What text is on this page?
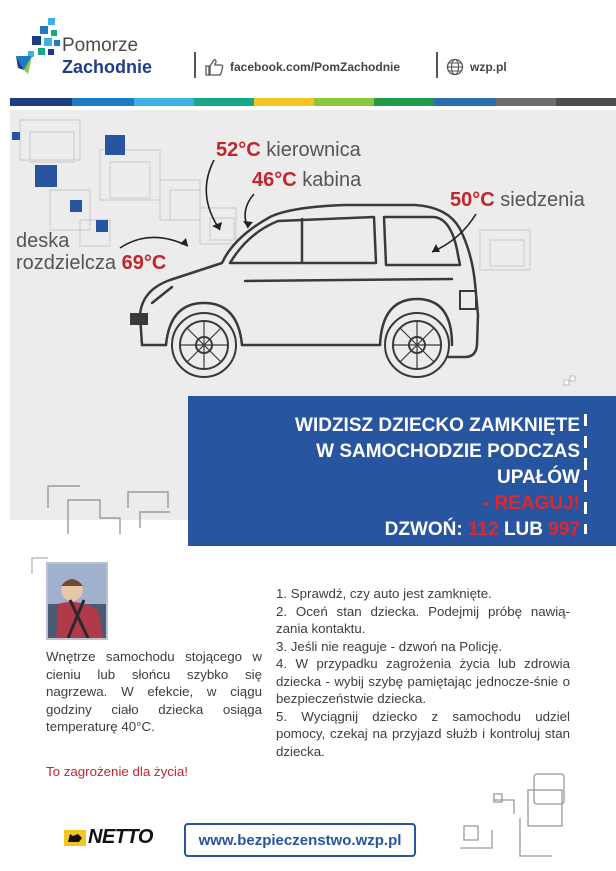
Pomorze
Zachodnie	facebook.com/PomZachodnie	wzp.pl
52°C kierownica
46°C kabina
50°C siedzenia
deska
rozdzielcza 69°C
WIDZISZ DZIECKO ZAMKNIĘTE
W SAMOCHODZIE PODCZAS
UPAŁÓW
- REAGUJ!
DZWOŃ: 112 LUB 997
Wnętrze samochodu stojącego w cieniu lub słońcu szybko się nagrzewa. W efekcie, w ciągu godziny ciało dziecka osiąga temperaturę 40°C.
To zagrożenie dla życia!

1. Sprawdź, czy auto jest zamknięte.

2. Oceń stan dziecka. Podejmij próbę nawią-zania kontaktu.

3. Jeśli nie reaguje - dzwoń na Policję.

4. W przypadku zagrożenia życia lub zdrowia dziecka - wybij szybę pamiętając jednocze-śnie o bezpieczeństwie dziecka.

5. Wyciągnij dziecko z samochodu udziel pomocy, czekaj na przyjazd służb i kontroluj stan dziecka.

NETTO	www.bezpieczenstwo.wzp.pl
